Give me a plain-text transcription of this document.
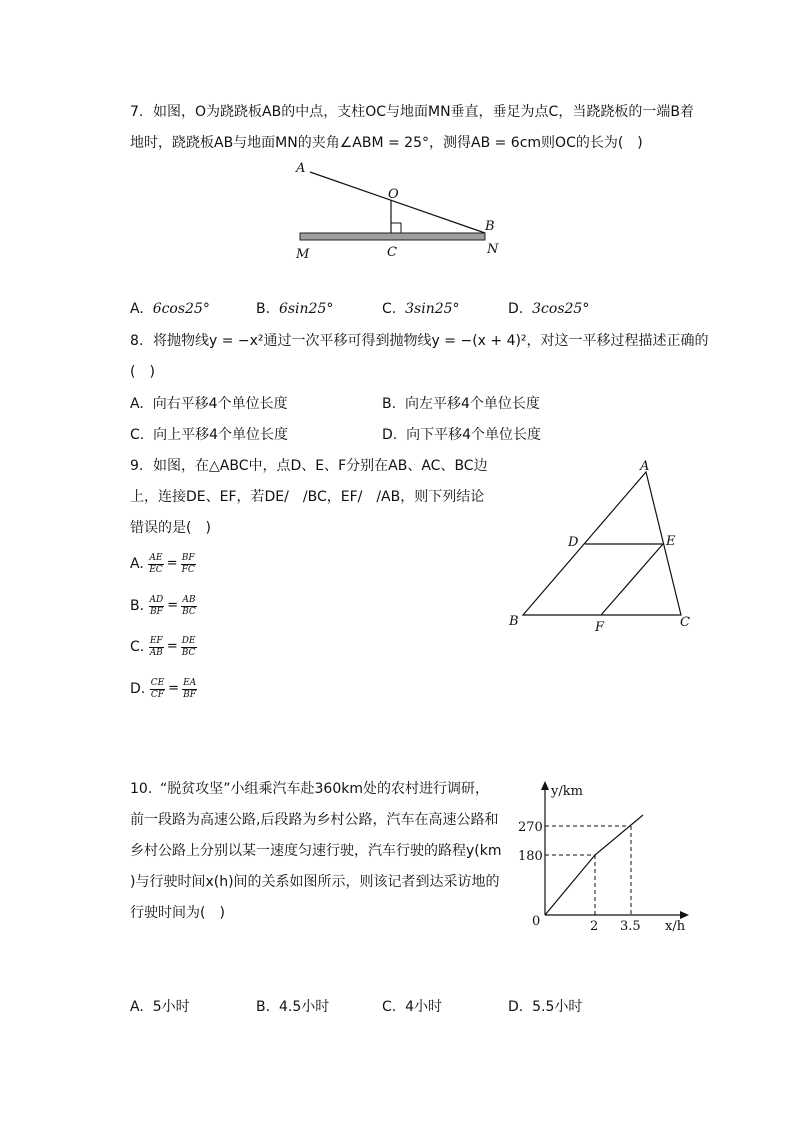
7. 如图，O为跷跷板AB的中点，支柱OC与地面MN垂直，垂足为点C，当跷跷板的一端B着
地时，跷跷板AB与地面MN的夹角∠ABM = 25°，测得AB = 6cm则OC的长为(　)
A
O
B
N
M	C
A. 6cos25°	B. 6sin25°	C. 3sin25°	D. 3cos25°
8. 将抛物线y = −x²通过一次平移可得到抛物线y = −(x + 4)²，对这一平移过程描述正确的
(　)
A. 向右平移4个单位长度	B. 向左平移4个单位长度
C. 向上平移4个单位长度	D. 向下平移4个单位长度
9. 如图，在△ABC中，点D、E、F分别在AB、AC、BC边
上，连接DE、EF，若DE/　/BC，EF/　/AB，则下列结论
错误的是(　)
A. $\frac{AE}{EC} = \frac{BF}{FC}$
B. $\frac{AD}{BF} = \frac{AB}{BC}$
C. $\frac{EF}{AB} = \frac{DE}{BC}$
D. $\frac{CE}{CF} = \frac{EA}{BF}$
A
D	E
B	F	C
10. “脱贫攻坚”小组乘汽车赴360km处的农村进行调研，
前一段路为高速公路,后段路为乡村公路，汽车在高速公路和
乡村公路上分别以某一速度匀速行驶，汽车行驶的路程y(km
)与行驶时间x(h)间的关系如图所示，则该记者到达采访地的
行驶时间为(　)
y/km
x/h
0
270
180
2 3.5
A. 5小时	B. 4.5小时	C. 4小时	D. 5.5小时
